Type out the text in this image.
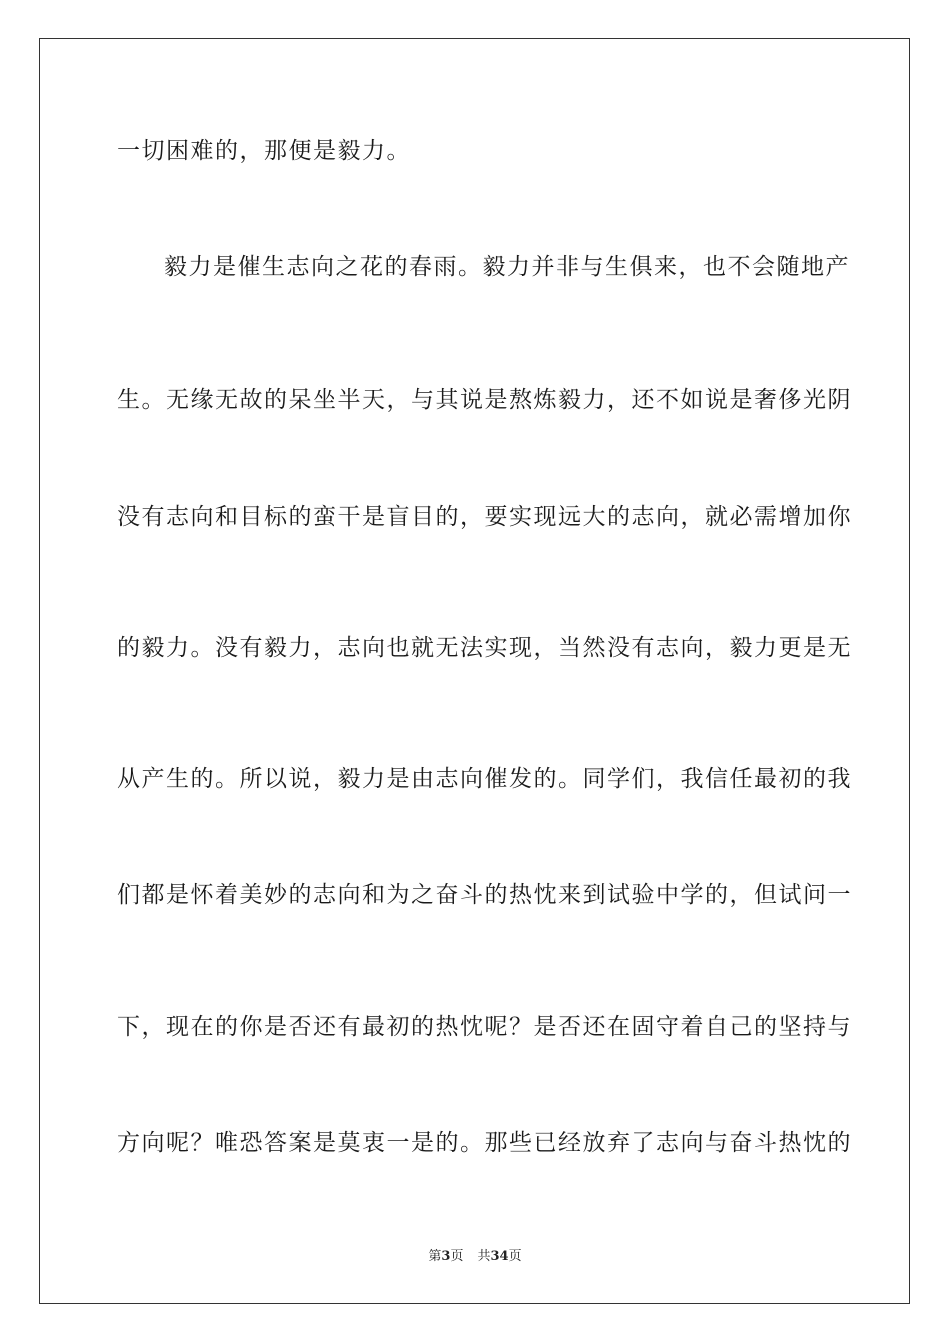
一切困难的，那便是毅力。
毅力是催生志向之花的春雨。毅力并非与生俱来，也不会随地产
生。无缘无故的呆坐半天，与其说是熬炼毅力，还不如说是奢侈光阴
没有志向和目标的蛮干是盲目的，要实现远大的志向，就必需增加你
的毅力。没有毅力，志向也就无法实现，当然没有志向，毅力更是无
从产生的。所以说，毅力是由志向催发的。同学们，我信任最初的我
们都是怀着美妙的志向和为之奋斗的热忱来到试验中学的，但试问一
下，现在的你是否还有最初的热忱呢？是否还在固守着自己的坚持与
方向呢？唯恐答案是莫衷一是的。那些已经放弃了志向与奋斗热忱的
第3页 共34页
